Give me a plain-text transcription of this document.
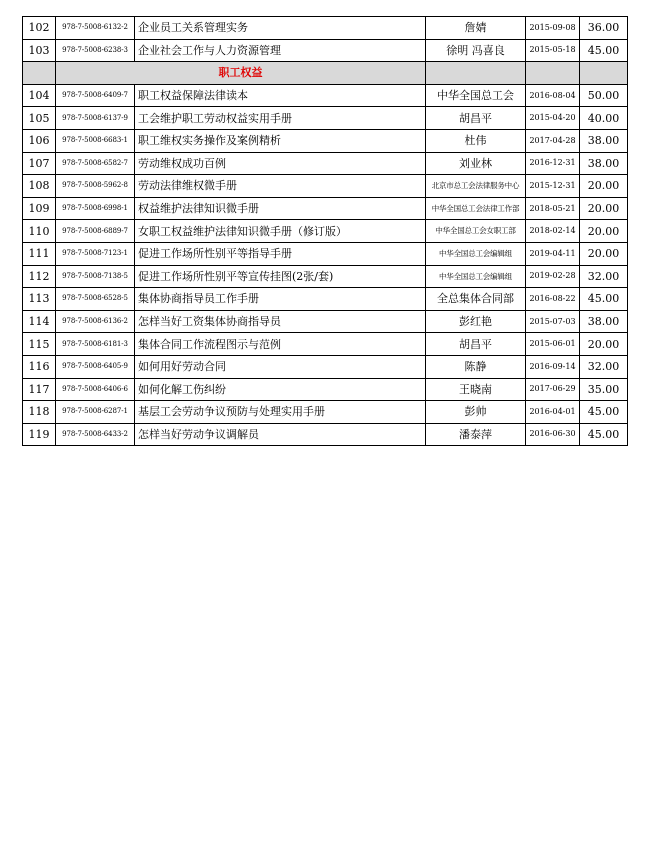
102	978-7-5008-6132-2	企业员工关系管理实务	詹婧	2015-09-08	36.00
103	978-7-5008-6238-3	企业社会工作与人力资源管理	徐明 冯喜良	2015-05-18	45.00
	职工权益				
104	978-7-5008-6409-7	职工权益保障法律读本	中华全国总工会	2016-08-04	50.00
105	978-7-5008-6137-9	工会维护职工劳动权益实用手册	胡昌平	2015-04-20	40.00
106	978-7-5008-6683-1	职工维权实务操作及案例精析	杜伟	2017-04-28	38.00
107	978-7-5008-6582-7	劳动维权成功百例	刘业林	2016-12-31	38.00
108	978-7-5008-5962-8	劳动法律维权微手册	北京市总工会法律服务中心	2015-12-31	20.00
109	978-7-5008-6998-1	权益维护法律知识微手册	中华全国总工会法律工作部	2018-05-21	20.00
110	978-7-5008-6889-7	女职工权益维护法律知识微手册（修订版）	中华全国总工会女职工部	2018-02-14	20.00
111	978-7-5008-7123-1	促进工作场所性别平等指导手册	中华全国总工会编辑组	2019-04-11	20.00
112	978-7-5008-7138-5	促进工作场所性别平等宣传挂图(2张/套)	中华全国总工会编辑组	2019-02-28	32.00
113	978-7-5008-6528-5	集体协商指导员工作手册	全总集体合同部	2016-08-22	45.00
114	978-7-5008-6136-2	怎样当好工资集体协商指导员	彭红艳	2015-07-03	38.00
115	978-7-5008-6181-3	集体合同工作流程图示与范例	胡昌平	2015-06-01	20.00
116	978-7-5008-6405-9	如何用好劳动合同	陈静	2016-09-14	32.00
117	978-7-5008-6406-6	如何化解工伤纠纷	王晓南	2017-06-29	35.00
118	978-7-5008-6287-1	基层工会劳动争议预防与处理实用手册	彭帅	2016-04-01	45.00
119	978-7-5008-6433-2	怎样当好劳动争议调解员	潘泰萍	2016-06-30	45.00
